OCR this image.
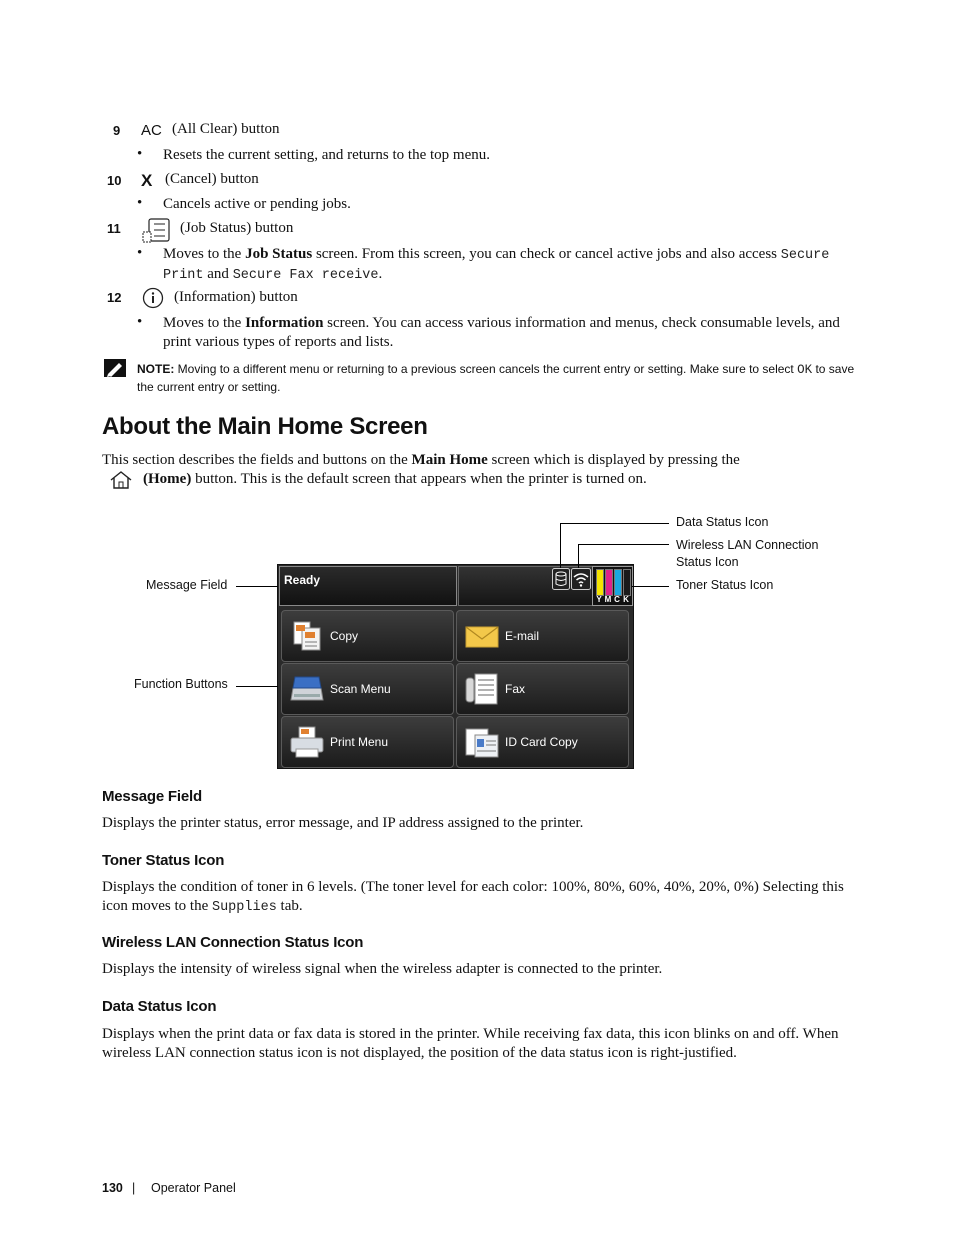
9 AC (All Clear) button
• Resets the current setting, and returns to the top menu.
10 X (Cancel) button
• Cancels active or pending jobs.
11	(Job Status) button
• Moves to the Job Status screen. From this screen, you can check or cancel active jobs and also access Secure Print and Secure Fax receive.
12	(Information) button
• Moves to the Information screen. You can access various information and menus, check consumable levels, and print various types of reports and lists.
NOTE: Moving to a different menu or returning to a previous screen cancels the current entry or setting. Make sure to select OK to save the current entry or setting.
About the Main Home Screen
This section describes the fields and buttons on the Main Home screen which is displayed by pressing the
(Home) button. This is the default screen that appears when the printer is turned on.
Ready
Y M C K
Copy	E-mail
Scan Menu	Fax
Print Menu	ID Card Copy
Message Field
Function Buttons
Data Status Icon
Wireless LAN Connection
Status Icon
Toner Status Icon
Message Field
Displays the printer status, error message, and IP address assigned to the printer.
Toner Status Icon
Displays the condition of toner in 6 levels. (The toner level for each color: 100%, 80%, 60%, 40%, 20%, 0%) Selecting this icon moves to the Supplies tab.
Wireless LAN Connection Status Icon
Displays the intensity of wireless signal when the wireless adapter is connected to the printer.
Data Status Icon
Displays when the print data or fax data is stored in the printer. While receiving fax data, this icon blinks on and off. When wireless LAN connection status icon is not displayed, the position of the data status icon is right-justified.
130 | Operator Panel
